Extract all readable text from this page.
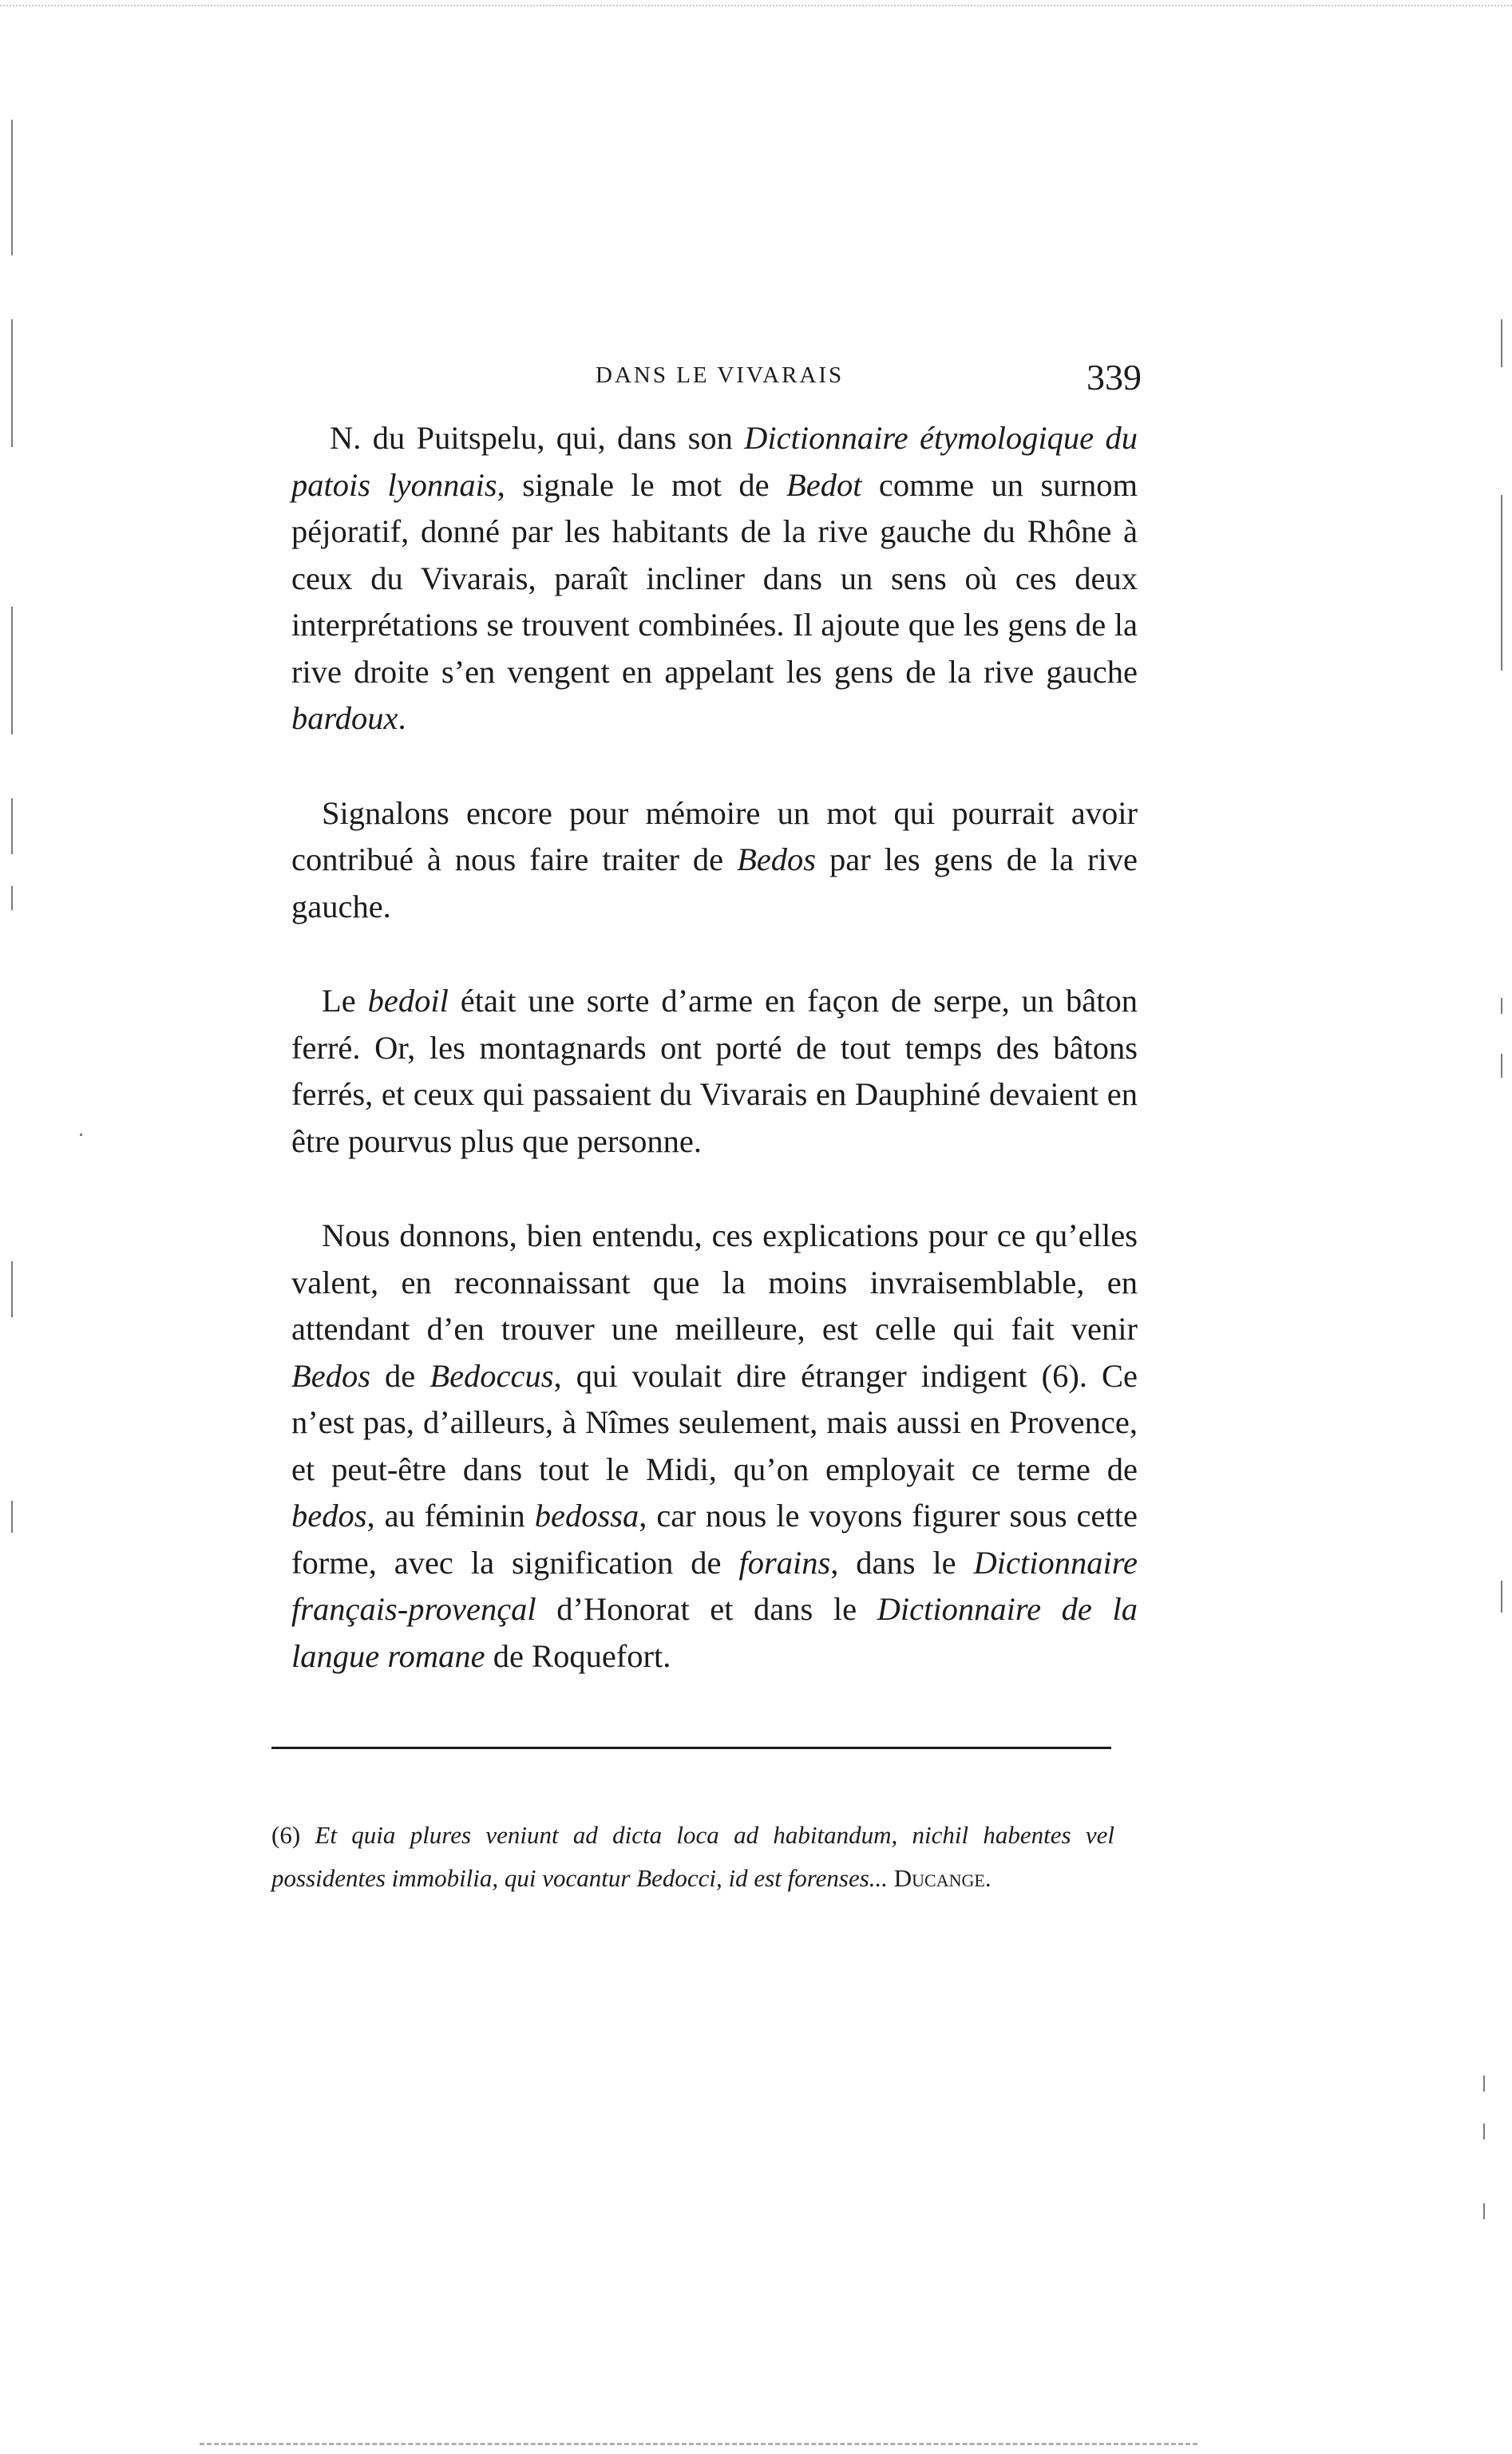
DANS LE VIVARAIS	339

N. du Puitspelu, qui, dans son Dictionnaire étymologique du patois lyonnais, signale le mot de Bedot comme un surnom péjoratif, donné par les habitants de la rive gauche du Rhône à ceux du Vivarais, paraît incliner dans un sens où ces deux interprétations se trouvent combinées. Il ajoute que les gens de la rive droite s’en vengent en appelant les gens de la rive gauche bardoux.

Signalons encore pour mémoire un mot qui pourrait avoir contribué à nous faire traiter de Bedos par les gens de la rive gauche.

Le bedoil était une sorte d’arme en façon de serpe, un bâton ferré. Or, les montagnards ont porté de tout temps des bâtons ferrés, et ceux qui passaient du Vivarais en Dauphiné devaient en être pourvus plus que personne.

Nous donnons, bien entendu, ces explications pour ce qu’elles valent, en reconnaissant que la moins invraisemblable, en attendant d’en trouver une meilleure, est celle qui fait venir Bedos de Bedoccus, qui voulait dire étranger indigent (6). Ce n’est pas, d’ailleurs, à Nîmes seulement, mais aussi en Provence, et peut-être dans tout le Midi, qu’on employait ce terme de bedos, au féminin bedossa, car nous le voyons figurer sous cette forme, avec la signification de forains, dans le Dictionnaire français-provençal d’Honorat et dans le Dictionnaire de la langue romane de Roquefort.

(6) Et quia plures veniunt ad dicta loca ad habitandum, nichil habentes vel possidentes immobilia, qui vocantur Bedocci, id est forenses... Ducange.
